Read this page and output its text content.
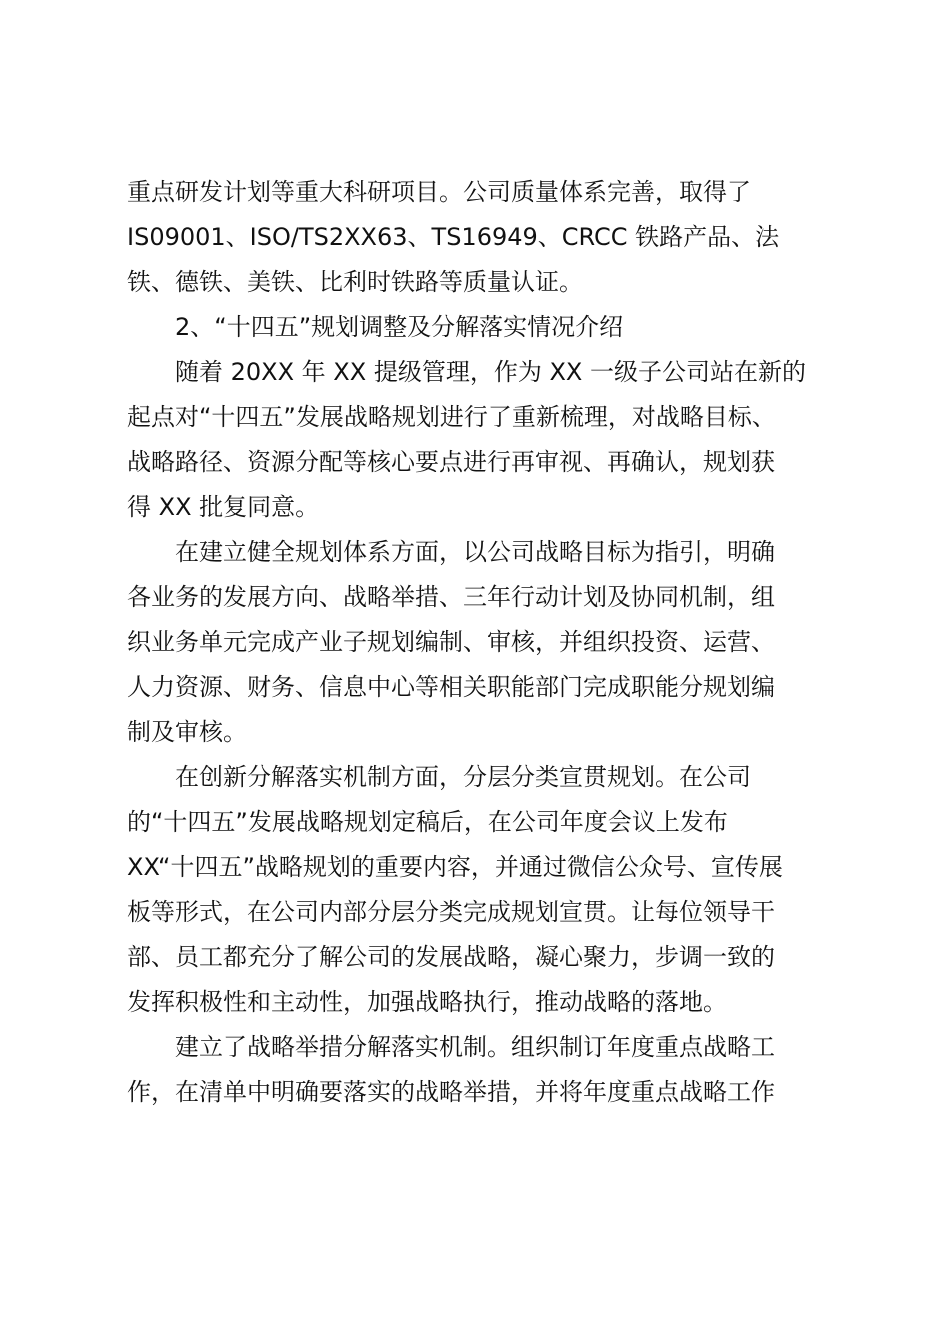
重点研发计划等重大科研项目。公司质量体系完善，取得了
IS09001、ISO/TS2XX63、TS16949、CRCC 铁路产品、法
铁、德铁、美铁、比利时铁路等质量认证。
2、“十四五”规划调整及分解落实情况介绍
随着 20XX 年 XX 提级管理，作为 XX 一级子公司站在新的
起点对“十四五”发展战略规划进行了重新梳理，对战略目标、
战略路径、资源分配等核心要点进行再审视、再确认，规划获
得 XX 批复同意。
在建立健全规划体系方面，以公司战略目标为指引，明确
各业务的发展方向、战略举措、三年行动计划及协同机制，组
织业务单元完成产业子规划编制、审核，并组织投资、运营、
人力资源、财务、信息中心等相关职能部门完成职能分规划编
制及审核。
在创新分解落实机制方面，分层分类宣贯规划。在公司
的“十四五”发展战略规划定稿后，在公司年度会议上发布
XX“十四五”战略规划的重要内容，并通过微信公众号、宣传展
板等形式，在公司内部分层分类完成规划宣贯。让每位领导干
部、员工都充分了解公司的发展战略，凝心聚力，步调一致的
发挥积极性和主动性，加强战略执行，推动战略的落地。
建立了战略举措分解落实机制。组织制订年度重点战略工
作，在清单中明确要落实的战略举措，并将年度重点战略工作
